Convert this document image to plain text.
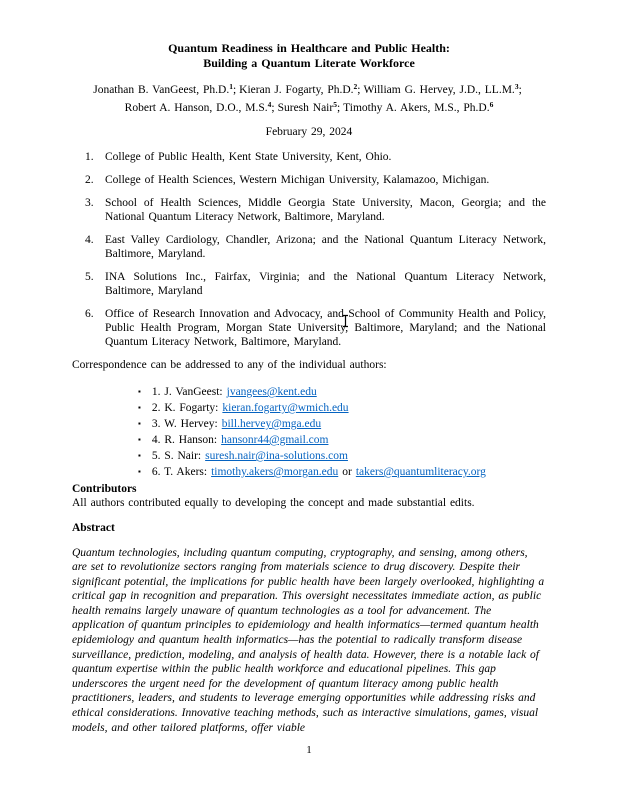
Quantum Readiness in Healthcare and Public Health:
Building a Quantum Literate Workforce
Jonathan B. VanGeest, Ph.D.$^1$; Kieran J. Fogarty, Ph.D.$^2$; William G. Hervey, J.D., LL.M.$^3$;
Robert A. Hanson, D.O., M.S.$^4$; Suresh Nair$^5$; Timothy A. Akers, M.S., Ph.D.$^6$
February 29, 2024
1. College of Public Health, Kent State University, Kent, Ohio.
2. College of Health Sciences, Western Michigan University, Kalamazoo, Michigan.
3. School of Health Sciences, Middle Georgia State University, Macon, Georgia; and the National Quantum Literacy Network, Baltimore, Maryland.
4. East Valley Cardiology, Chandler, Arizona; and the National Quantum Literacy Network, Baltimore, Maryland.
5. INA Solutions Inc., Fairfax, Virginia; and the National Quantum Literacy Network, Baltimore, Maryland
6. Office of Research Innovation and Advocacy, and School of Community Health and Policy, Public Health Program, Morgan State University, Baltimore, Maryland; and the National Quantum Literacy Network, Baltimore, Maryland.
Correspondence can be addressed to any of the individual authors:
▪ 1. J. VanGeest: jvangees@kent.edu
▪ 2. K. Fogarty: kieran.fogarty@wmich.edu
▪ 3. W. Hervey: bill.hervey@mga.edu
▪ 4. R. Hanson: hansonr44@gmail.com
▪ 5. S. Nair: suresh.nair@ina-solutions.com
▪ 6. T. Akers: timothy.akers@morgan.edu or takers@quantumliteracy.org
Contributors
All authors contributed equally to developing the concept and made substantial edits.
Abstract
Quantum technologies, including quantum computing, cryptography, and sensing, among others, are set to revolutionize sectors ranging from materials science to drug discovery. Despite their significant potential, the implications for public health have been largely overlooked, highlighting a critical gap in recognition and preparation. This oversight necessitates immediate action, as public health remains largely unaware of quantum technologies as a tool for advancement. The application of quantum principles to epidemiology and health informatics—termed quantum health epidemiology and quantum health informatics—has the potential to radically transform disease surveillance, prediction, modeling, and analysis of health data. However, there is a notable lack of quantum expertise within the public health workforce and educational pipelines. This gap underscores the urgent need for the development of quantum literacy among public health practitioners, leaders, and students to leverage emerging opportunities while addressing risks and ethical considerations. Innovative teaching methods, such as interactive simulations, games, visual models, and other tailored platforms, offer viable
1
